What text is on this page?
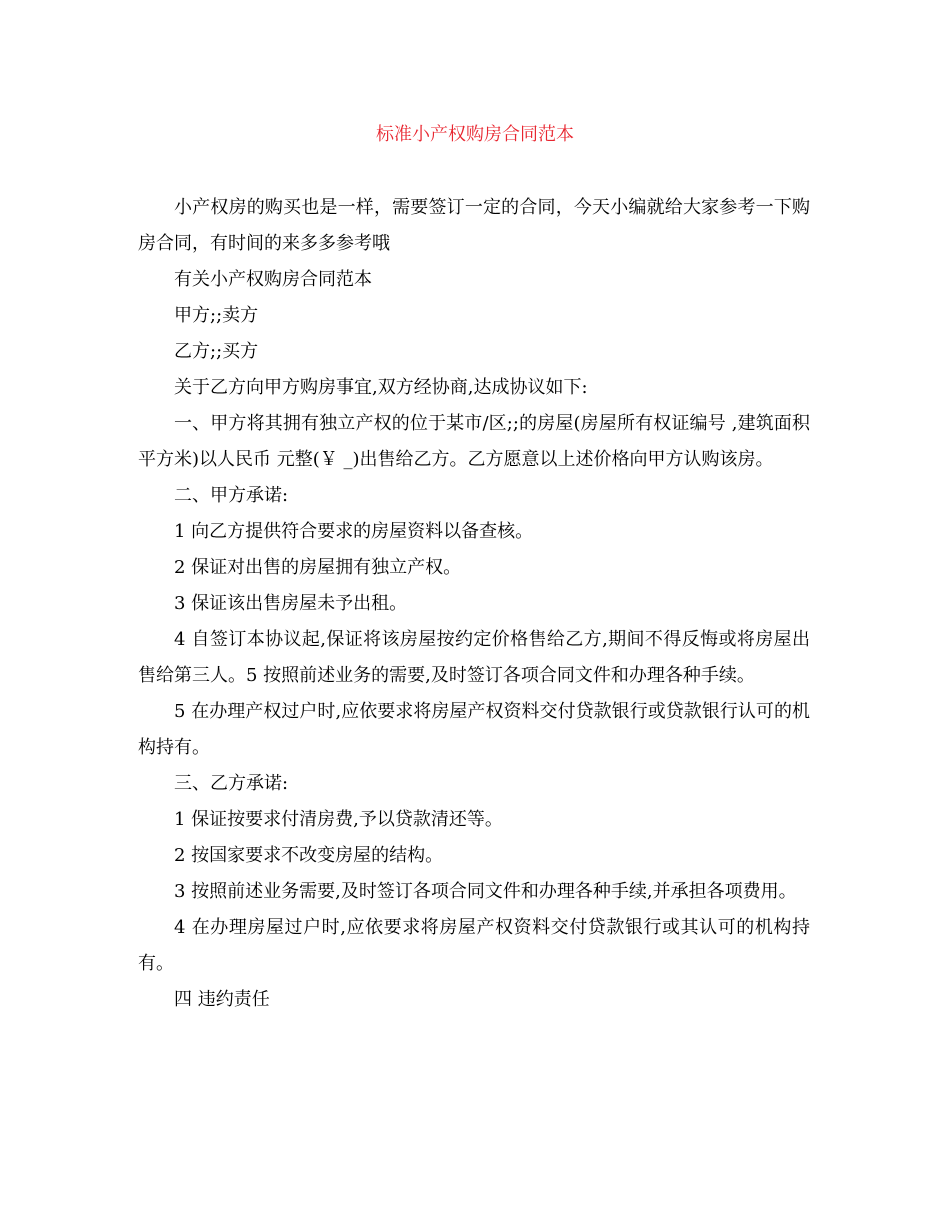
标准小产权购房合同范本

小产权房的购买也是一样，需要签订一定的合同，今天小编就给大家参考一下购房合同，有时间的来多多参考哦

有关小产权购房合同范本

甲方;;卖方

乙方;;买方

关于乙方向甲方购房事宜,双方经协商,达成协议如下:

一、甲方将其拥有独立产权的位于某市/区;;的房屋(房屋所有权证编号 ,建筑面积 平方米)以人民币 元整(￥ _)出售给乙方。乙方愿意以上述价格向甲方认购该房。

二、甲方承诺:

1 向乙方提供符合要求的房屋资料以备查核。

2 保证对出售的房屋拥有独立产权。

3 保证该出售房屋未予出租。

4 自签订本协议起,保证将该房屋按约定价格售给乙方,期间不得反悔或将房屋出售给第三人。5 按照前述业务的需要,及时签订各项合同文件和办理各种手续。

5 在办理产权过户时,应依要求将房屋产权资料交付贷款银行或贷款银行认可的机构持有。

三、乙方承诺:

1 保证按要求付清房费,予以贷款清还等。

2 按国家要求不改变房屋的结构。

3 按照前述业务需要,及时签订各项合同文件和办理各种手续,并承担各项费用。

4 在办理房屋过户时,应依要求将房屋产权资料交付贷款银行或其认可的机构持有。

四 违约责任
